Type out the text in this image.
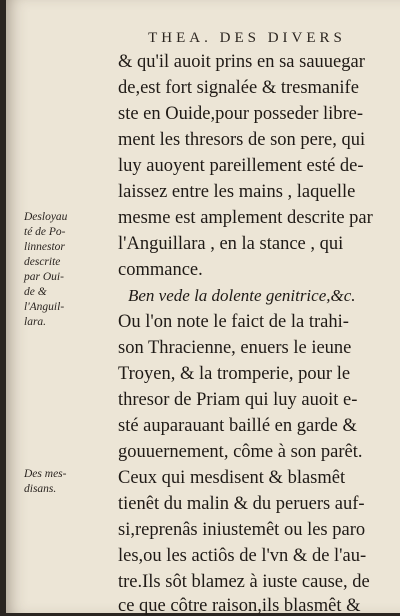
THEA. DES DIVERS
& qu'il auoit prins en sa sauuegar
de,est fort signalée & tresmanife
ste en Ouide,pour posseder libre-
ment les thresors de son pere, qui
luy auoyent pareillement esté de-
laissez entre les mains , laquelle
mesme est amplement descrite par
l'Anguillara , en la stance , qui
commance.
Ben vede la dolente genitrice,&c.
Ou l'on note le faict de la trahi-
son Thracienne, enuers le ieune
Troyen, & la tromperie, pour le
thresor de Priam qui luy auoit e-
sté auparauant baillé en garde &
gouuernement, côme à son parêt.
Ceux qui mesdisent & blasmêt
tienêt du malin & du peruers auf-
si,reprenâs iniustemêt ou les paro
les,ou les actiôs de l'vn & de l'au-
tre.Ils sôt blamez à iuste cause, de
ce que côtre raison,ils blasmêt &
Desloyau
té de Po-
linnestor
descrite
par Oui-
de &
l'Anguil-
lara.
Des mes-
disans.
